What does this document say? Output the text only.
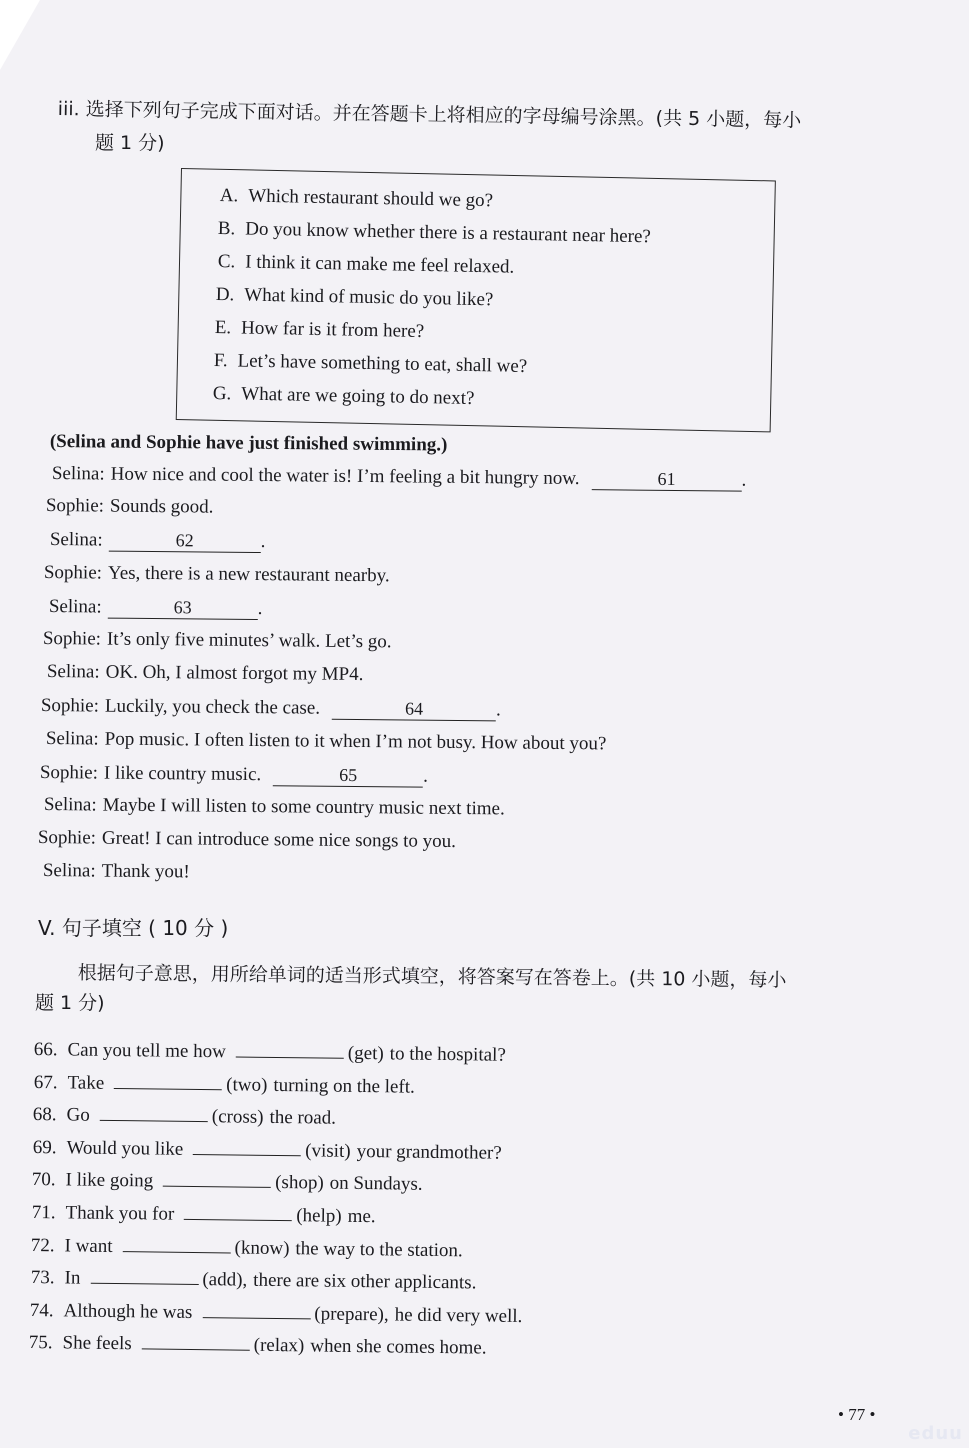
iii. 选择下列句子完成下面对话。并在答题卡上将相应的字母编号涂黑。(共 5 小题，每小
题 1 分)
A. Which restaurant should we go?
B. Do you know whether there is a restaurant near here?
C. I think it can make me feel relaxed.
D. What kind of music do you like?
E. How far is it from here?
F. Let’s have something to eat, shall we?
G. What are we going to do next?
(Selina and Sophie have just finished swimming.)
Selina: How nice and cool the water is! I’m feeling a bit hungry now.	61	.
Sophie: Sounds good.
Selina:	62	.
Sophie: Yes, there is a new restaurant nearby.
Selina:	63	.
Sophie: It’s only five minutes’ walk. Let’s go.
Selina: OK. Oh, I almost forgot my MP4.
Sophie: Luckily, you check the case.	64	.
Selina: Pop music. I often listen to it when I’m not busy. How about you?
Sophie: I like country music.	65	.
Selina: Maybe I will listen to some country music next time.
Sophie: Great! I can introduce some nice songs to you.
Selina: Thank you!
V. 句子填空 ( 10 分 )
根据句子意思，用所给单词的适当形式填空，将答案写在答卷上。(共 10 小题，每小
题 1 分)
66. Can you tell me how	(get) to the hospital?
67. Take	(two) turning on the left.
68. Go	(cross) the road.
69. Would you like	(visit) your grandmother?
70. I like going	(shop) on Sundays.
71. Thank you for	(help) me.
72. I want	(know) the way to the station.
73. In	(add), there are six other applicants.
74. Although he was	(prepare), he did very well.
75. She feels	(relax) when she comes home.
• 77 •
eduu
